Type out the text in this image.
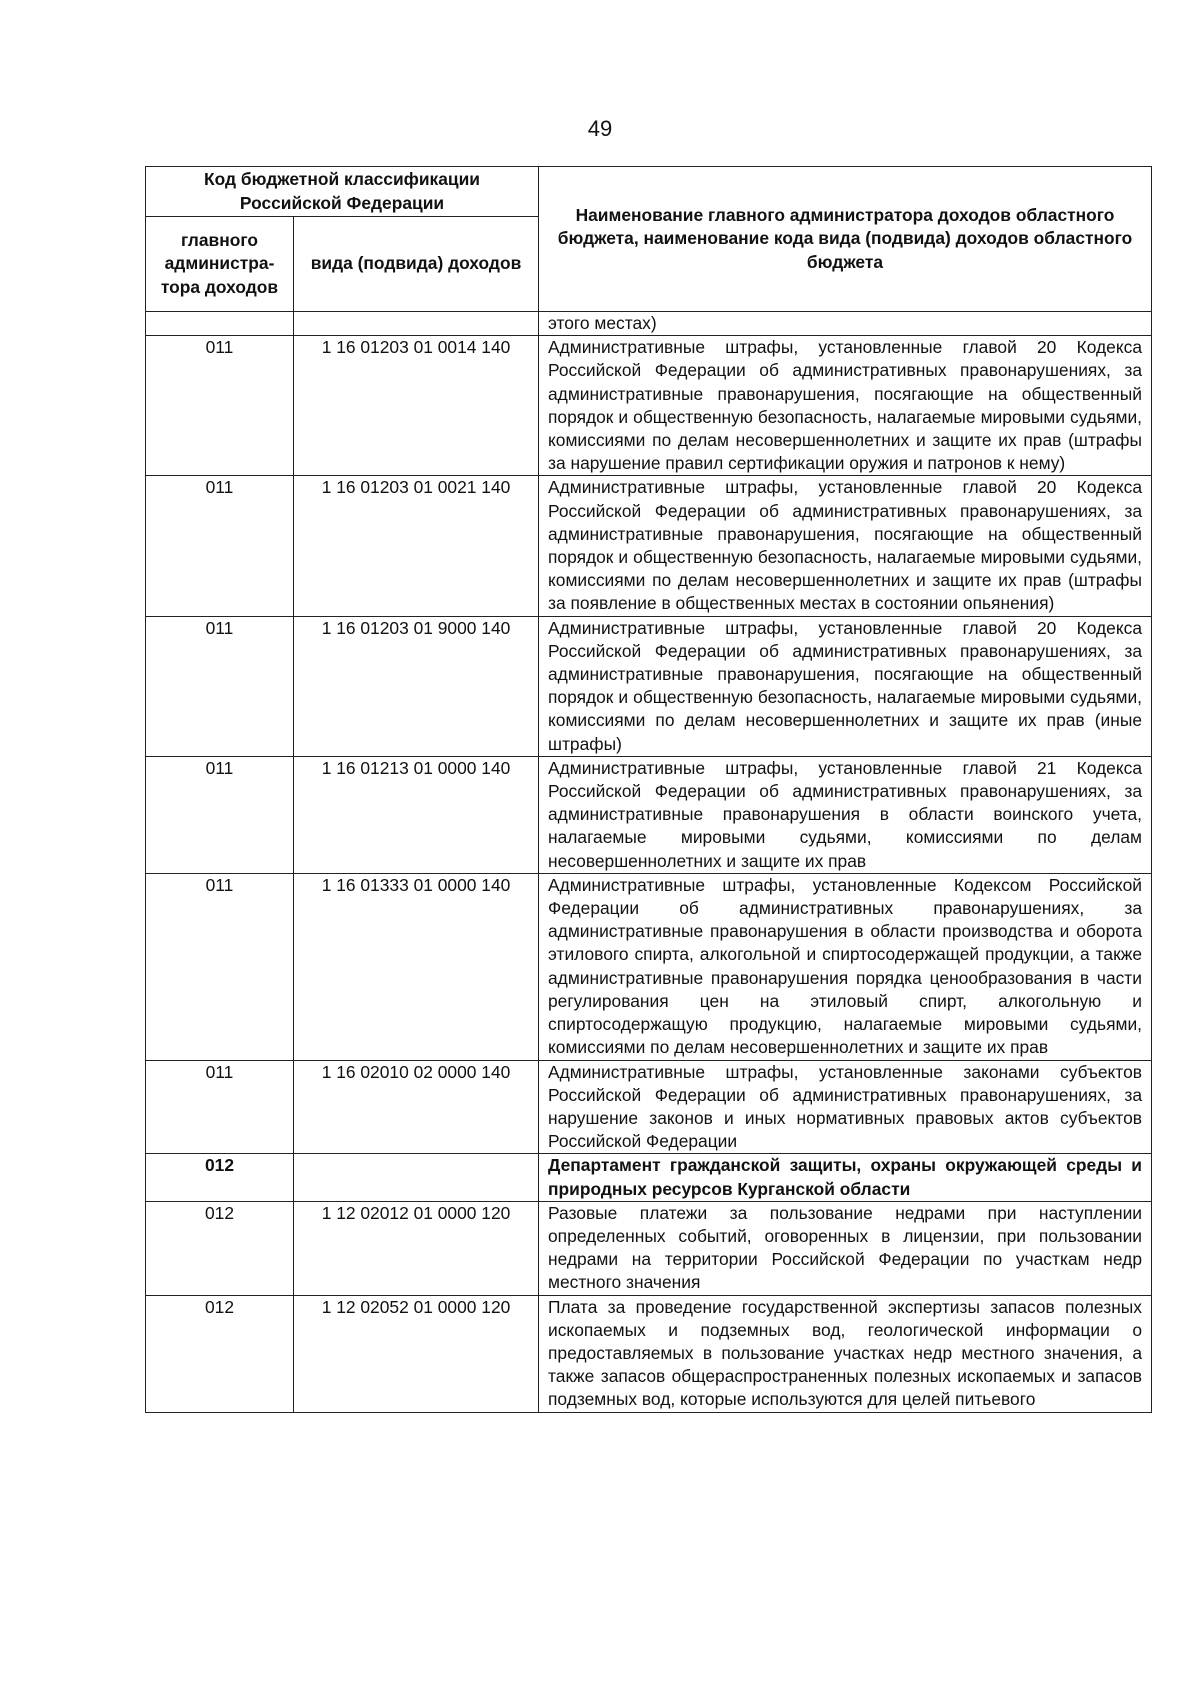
49
Код бюджетной классификации Российской Федерации		Наименование главного администратора доходов областного бюджета, наименование кода вида (подвида) доходов областного бюджета
главного администра-тора доходов	вида (подвида) доходов	
		этого местах)
011	1 16 01203 01 0014 140	Административные штрафы, установленные главой 20 Кодекса Российской Федерации об административных правонарушениях, за административные правонарушения, посягающие на общественный порядок и общественную безопасность, налагаемые мировыми судьями, комиссиями по делам несовершеннолетних и защите их прав (штрафы за нарушение правил сертификации оружия и патронов к нему)
011	1 16 01203 01 0021 140	Административные штрафы, установленные главой 20 Кодекса Российской Федерации об административных правонарушениях, за административные правонарушения, посягающие на общественный порядок и общественную безопасность, налагаемые мировыми судьями, комиссиями по делам несовершеннолетних и защите их прав (штрафы за появление в общественных местах в состоянии опьянения)
011	1 16 01203 01 9000 140	Административные штрафы, установленные главой 20 Кодекса Российской Федерации об административных правонарушениях, за административные правонарушения, посягающие на общественный порядок и общественную безопасность, налагаемые мировыми судьями, комиссиями по делам несовершеннолетних и защите их прав (иные штрафы)
011	1 16 01213 01 0000 140	Административные штрафы, установленные главой 21 Кодекса Российской Федерации об административных правонарушениях, за административные правонарушения в области воинского учета, налагаемые мировыми судьями, комиссиями по делам несовершеннолетних и защите их прав
011	1 16 01333 01 0000 140	Административные штрафы, установленные Кодексом Российской Федерации об административных правонарушениях, за административные правонарушения в области производства и оборота этилового спирта, алкогольной и спиртосодержащей продукции, а также административные правонарушения порядка ценообразования в части регулирования цен на этиловый спирт, алкогольную и спиртосодержащую продукцию, налагаемые мировыми судьями, комиссиями по делам несовершеннолетних и защите их прав
011	1 16 02010 02 0000 140	Административные штрафы, установленные законами субъектов Российской Федерации об административных правонарушениях, за нарушение законов и иных нормативных правовых актов субъектов Российской Федерации
012		Департамент гражданской защиты, охраны окружающей среды и природных ресурсов Курганской области
012	1 12 02012 01 0000 120	Разовые платежи за пользование недрами при наступлении определенных событий, оговоренных в лицензии, при пользовании недрами на территории Российской Федерации по участкам недр местного значения
012	1 12 02052 01 0000 120	Плата за проведение государственной экспертизы запасов полезных ископаемых и подземных вод, геологической информации о предоставляемых в пользование участках недр местного значения, а также запасов общераспространенных полезных ископаемых и запасов подземных вод, которые используются для целей питьевого
